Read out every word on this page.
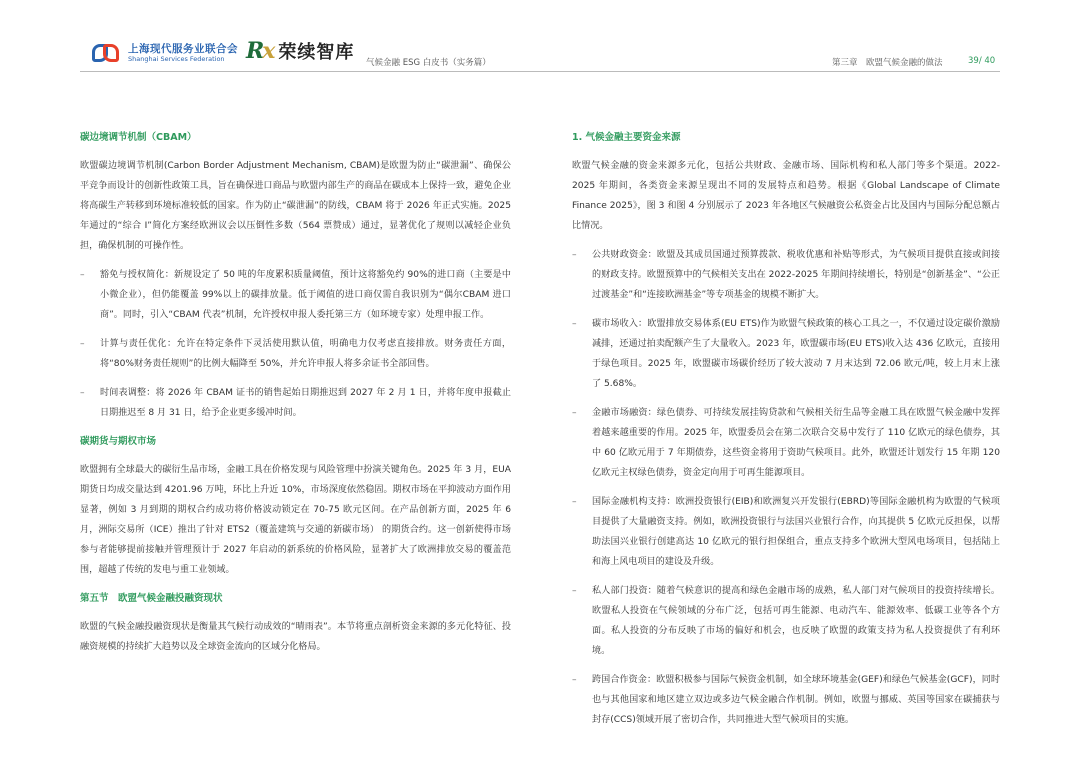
上海现代服务业联合会
Shanghai Services Federation Rx 荣续智库 气候金融 ESG 白皮书（实务篇）	第三章　欧盟气候金融的做法	39/ 40
碳边境调节机制（CBAM）
欧盟碳边境调节机制(Carbon Border Adjustment Mechanism, CBAM)是欧盟为防止“碳泄漏”、确保公平竞争而设计的创新性政策工具，旨在确保进口商品与欧盟内部生产的商品在碳成本上保持一致，避免企业将高碳生产转移到环境标准较低的国家。作为防止“碳泄漏”的防线，CBAM 将于 2026 年正式实施。2025 年通过的“综合 I”简化方案经欧洲议会以压倒性多数（564 票赞成）通过，显著优化了规则以减轻企业负担，确保机制的可操作性。
– 豁免与授权简化：新规设定了 50 吨的年度累积质量阈值，预计这将豁免约 90%的进口商（主要是中小微企业），但仍能覆盖 99%以上的碳排放量。低于阈值的进口商仅需自我识别为“偶尔CBAM 进口商”。同时，引入“CBAM 代表”机制，允许授权申报人委托第三方（如环境专家）处理申报工作。
– 计算与责任优化：允许在特定条件下灵活使用默认值，明确电力仅考虑直接排放。财务责任方面，将“80%财务责任规则”的比例大幅降至 50%，并允许申报人将多余证书全部回售。
– 时间表调整：将 2026 年 CBAM 证书的销售起始日期推迟到 2027 年 2 月 1 日，并将年度申报截止日期推迟至 8 月 31 日，给予企业更多缓冲时间。
碳期货与期权市场
欧盟拥有全球最大的碳衍生品市场，金融工具在价格发现与风险管理中扮演关键角色。2025 年 3 月，EUA 期货日均成交量达到 4201.96 万吨，环比上升近 10%，市场深度依然稳固。期权市场在平抑波动方面作用显著，例如 3 月到期的期权合约成功将价格波动锁定在 70-75 欧元区间。在产品创新方面，2025 年 6 月，洲际交易所（ICE）推出了针对 ETS2（覆盖建筑与交通的新碳市场） 的期货合约。这一创新使得市场参与者能够提前接触并管理预计于 2027 年启动的新系统的价格风险，显著扩大了欧洲排放交易的覆盖范围，超越了传统的发电与重工业领域。
第五节　欧盟气候金融投融资现状
欧盟的气候金融投融资现状是衡量其气候行动成效的“晴雨表”。本节将重点剖析资金来源的多元化特征、投融资规模的持续扩大趋势以及全球资金流向的区域分化格局。
1. 气候金融主要资金来源
欧盟气候金融的资金来源多元化，包括公共财政、金融市场、国际机构和私人部门等多个渠道。2022-2025 年期间，各类资金来源呈现出不同的发展特点和趋势。根据《Global Landscape of Climate Finance 2025》，图 3 和图 4 分别展示了 2023 年各地区气候融资公私资金占比及国内与国际分配总额占比情况。
– 公共财政资金：欧盟及其成员国通过预算拨款、税收优惠和补贴等形式，为气候项目提供直接或间接的财政支持。欧盟预算中的气候相关支出在 2022-2025 年期间持续增长，特别是“创新基金”、“公正过渡基金”和“连接欧洲基金”等专项基金的规模不断扩大。
– 碳市场收入：欧盟排放交易体系(EU ETS)作为欧盟气候政策的核心工具之一，不仅通过设定碳价激励减排，还通过拍卖配额产生了大量收入。2023 年，欧盟碳市场(EU ETS)收入达 436 亿欧元，直接用于绿色项目。2025 年，欧盟碳市场碳价经历了较大波动 7 月末达到 72.06 欧元/吨，较上月末上涨了 5.68%。
– 金融市场融资：绿色债券、可持续发展挂钩贷款和气候相关衍生品等金融工具在欧盟气候金融中发挥着越来越重要的作用。2025 年，欧盟委员会在第二次联合交易中发行了 110 亿欧元的绿色债券，其中 60 亿欧元用于 7 年期债券，这些资金将用于资助气候项目。此外，欧盟还计划发行 15 年期 120 亿欧元主权绿色债券，资金定向用于可再生能源项目。
– 国际金融机构支持：欧洲投资银行(EIB)和欧洲复兴开发银行(EBRD)等国际金融机构为欧盟的气候项目提供了大量融资支持。例如，欧洲投资银行与法国兴业银行合作，向其提供 5 亿欧元反担保，以帮助法国兴业银行创建高达 10 亿欧元的银行担保组合，重点支持多个欧洲大型风电场项目，包括陆上和海上风电项目的建设及升级。
– 私人部门投资：随着气候意识的提高和绿色金融市场的成熟，私人部门对气候项目的投资持续增长。欧盟私人投资在气候领域的分布广泛，包括可再生能源、电动汽车、能源效率、低碳工业等各个方面。私人投资的分布反映了市场的偏好和机会，也反映了欧盟的政策支持为私人投资提供了有利环境。
– 跨国合作资金：欧盟积极参与国际气候资金机制，如全球环境基金(GEF)和绿色气候基金(GCF)，同时也与其他国家和地区建立双边或多边气候金融合作机制。例如，欧盟与挪威、英国等国家在碳捕获与封存(CCS)领域开展了密切合作，共同推进大型气候项目的实施。
